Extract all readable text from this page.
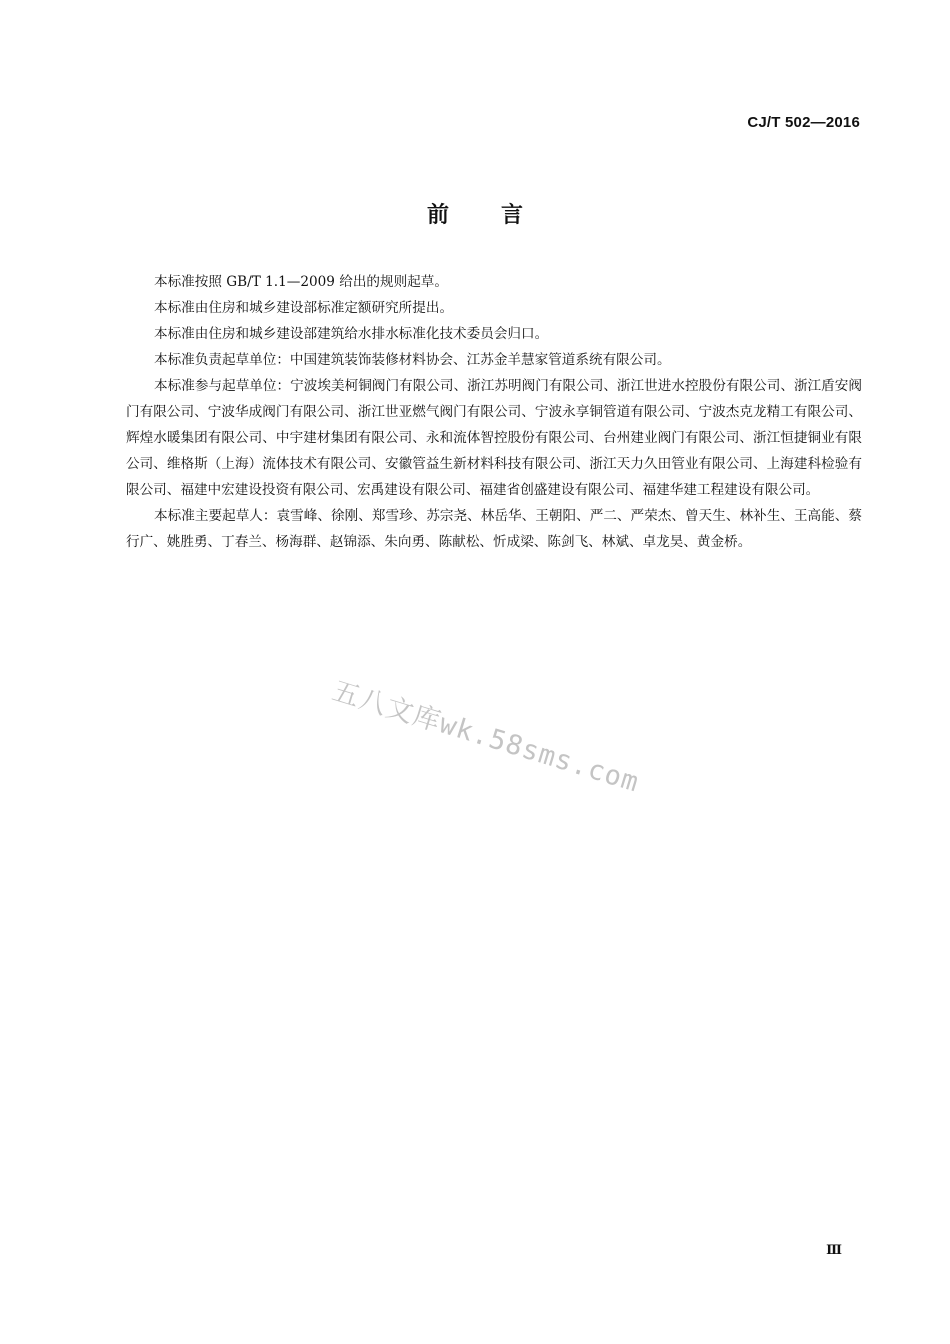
CJ/T 502—2016
前言

本标准按照 GB/T 1.1—2009 给出的规则起草。

本标准由住房和城乡建设部标准定额研究所提出。

本标准由住房和城乡建设部建筑给水排水标准化技术委员会归口。

本标准负责起草单位：中国建筑装饰装修材料协会、江苏金羊慧家管道系统有限公司。

本标准参与起草单位：宁波埃美柯铜阀门有限公司、浙江苏明阀门有限公司、浙江世进水控股份有限公司、浙江盾安阀门有限公司、宁波华成阀门有限公司、浙江世亚燃气阀门有限公司、宁波永享铜管道有限公司、宁波杰克龙精工有限公司、辉煌水暖集团有限公司、中宇建材集团有限公司、永和流体智控股份有限公司、台州建业阀门有限公司、浙江恒捷铜业有限公司、维格斯（上海）流体技术有限公司、安徽管益生新材料科技有限公司、浙江天力久田管业有限公司、上海建科检验有限公司、福建中宏建设投资有限公司、宏禹建设有限公司、福建省创盛建设有限公司、福建华建工程建设有限公司。

本标准主要起草人：袁雪峰、徐刚、郑雪珍、苏宗尧、林岳华、王朝阳、严二、严荣杰、曾天生、林补生、王高能、蔡行广、姚胜勇、丁春兰、杨海群、赵锦添、朱向勇、陈献松、忻成梁、陈剑飞、林斌、卓龙昊、黄金桥。

五八文库wk.58sms.com
Ⅲ
